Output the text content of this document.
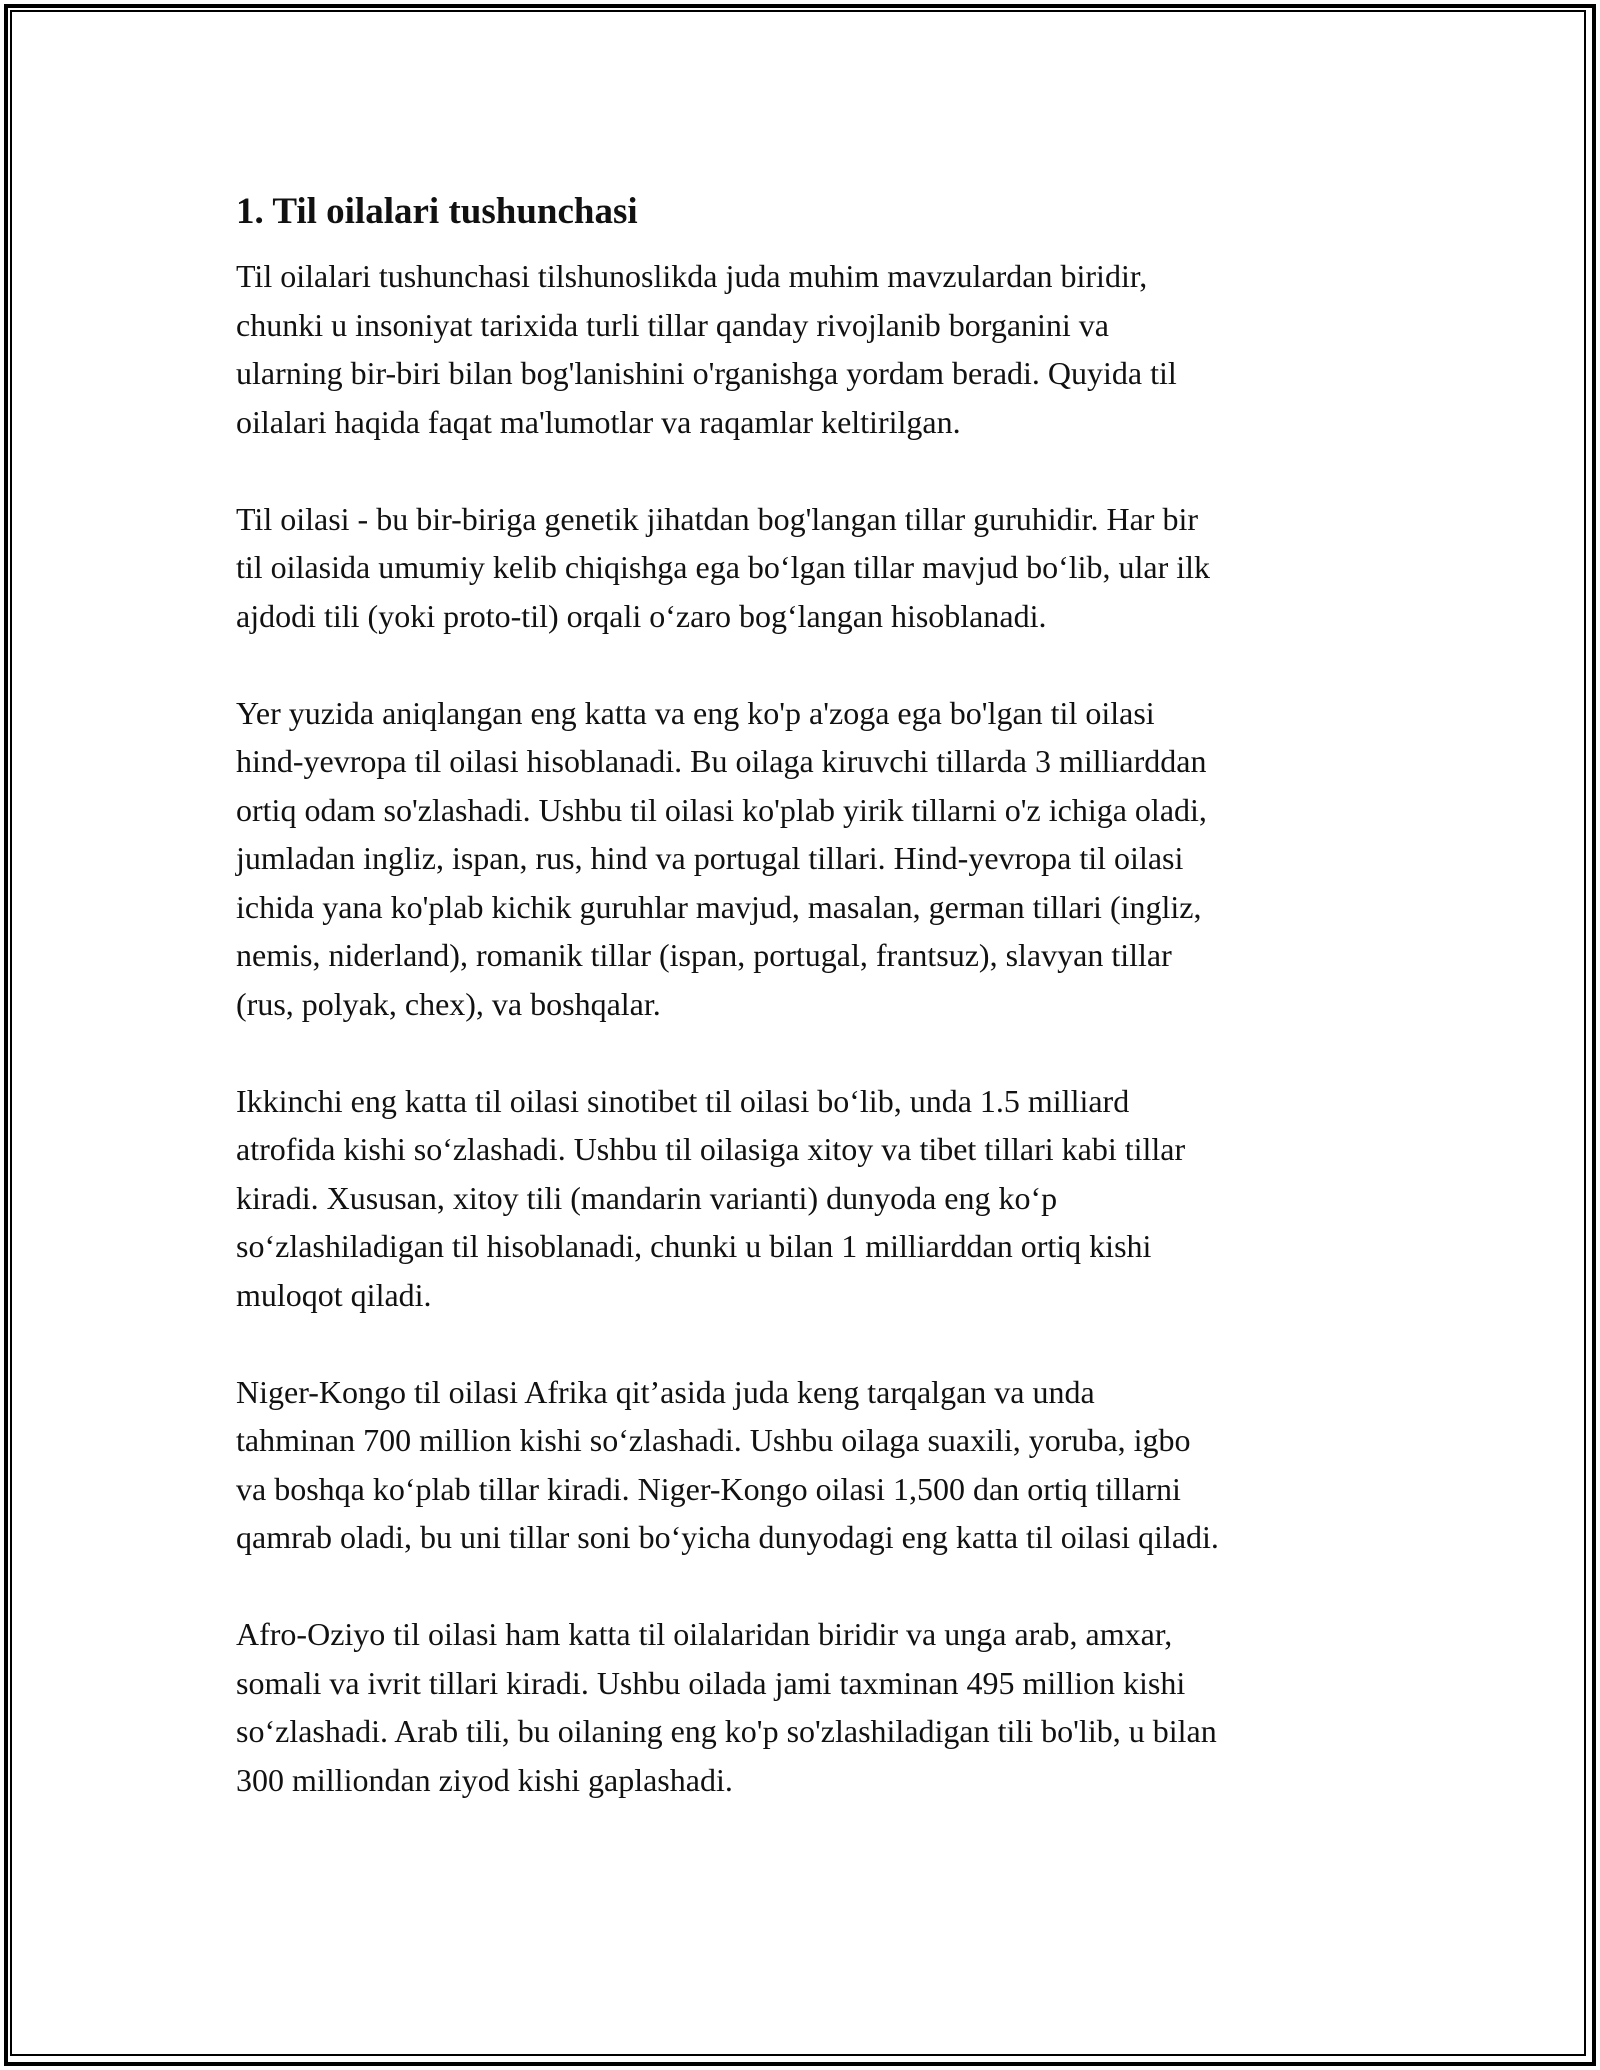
1. Til oilalari tushunchasi

Til oilalari tushunchasi tilshunoslikda juda muhim mavzulardan biridir,
chunki u insoniyat tarixida turli tillar qanday rivojlanib borganini va
ularning bir-biri bilan bog'lanishini o'rganishga yordam beradi. Quyida til
oilalari haqida faqat ma'lumotlar va raqamlar keltirilgan.

Til oilasi - bu bir-biriga genetik jihatdan bog'langan tillar guruhidir. Har bir
til oilasida umumiy kelib chiqishga ega bo‘lgan tillar mavjud bo‘lib, ular ilk
ajdodi tili (yoki proto-til) orqali o‘zaro bog‘langan hisoblanadi.

Yer yuzida aniqlangan eng katta va eng ko'p a'zoga ega bo'lgan til oilasi
hind-yevropa til oilasi hisoblanadi. Bu oilaga kiruvchi tillarda 3 milliarddan
ortiq odam so'zlashadi. Ushbu til oilasi ko'plab yirik tillarni o'z ichiga oladi,
jumladan ingliz, ispan, rus, hind va portugal tillari. Hind-yevropa til oilasi
ichida yana ko'plab kichik guruhlar mavjud, masalan, german tillari (ingliz,
nemis, niderland), romanik tillar (ispan, portugal, frantsuz), slavyan tillar
(rus, polyak, chex), va boshqalar.

Ikkinchi eng katta til oilasi sinotibet til oilasi bo‘lib, unda 1.5 milliard
atrofida kishi so‘zlashadi. Ushbu til oilasiga xitoy va tibet tillari kabi tillar
kiradi. Xususan, xitoy tili (mandarin varianti) dunyoda eng ko‘p
so‘zlashiladigan til hisoblanadi, chunki u bilan 1 milliarddan ortiq kishi
muloqot qiladi.

Niger-Kongo til oilasi Afrika qit’asida juda keng tarqalgan va unda
tahminan 700 million kishi so‘zlashadi. Ushbu oilaga suaxili, yoruba, igbo
va boshqa ko‘plab tillar kiradi. Niger-Kongo oilasi 1,500 dan ortiq tillarni
qamrab oladi, bu uni tillar soni bo‘yicha dunyodagi eng katta til oilasi qiladi.

Afro-Oziyo til oilasi ham katta til oilalaridan biridir va unga arab, amxar,
somali va ivrit tillari kiradi. Ushbu oilada jami taxminan 495 million kishi
so‘zlashadi. Arab tili, bu oilaning eng ko'p so'zlashiladigan tili bo'lib, u bilan
300 milliondan ziyod kishi gaplashadi.
